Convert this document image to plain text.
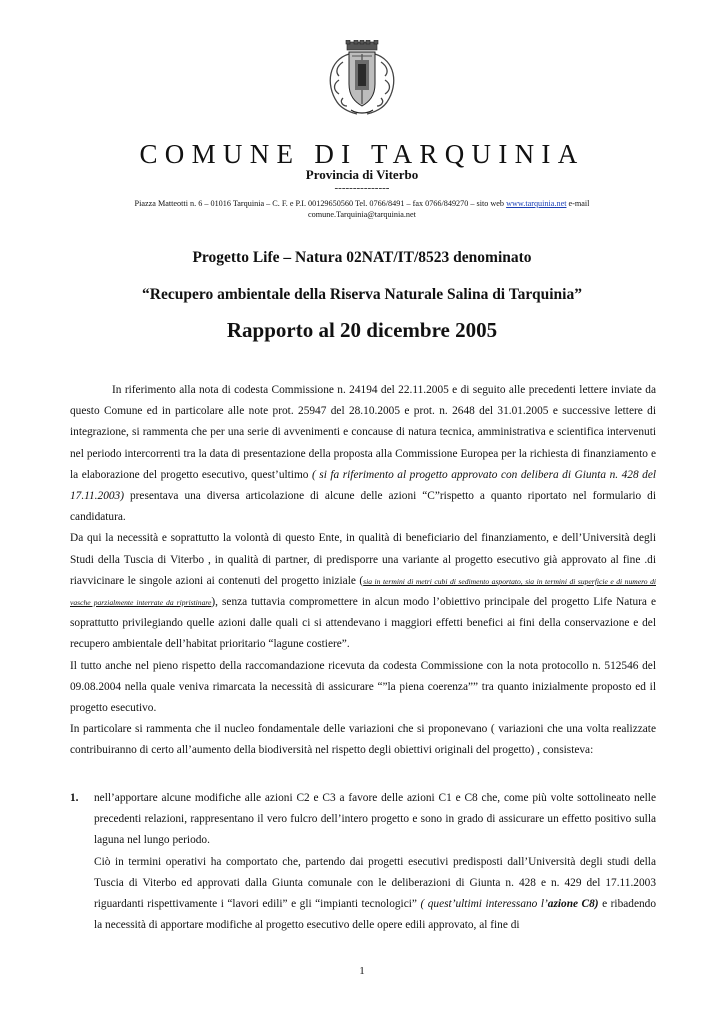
COMUNE DI TARQUINIA
Provincia di Viterbo
---------------
Piazza Matteotti n. 6 – 01016 Tarquinia – C. F. e P.I. 00129650560 Tel. 0766/8491 – fax 0766/849270 – sito web www.tarquinia.net e-mail
comune.Tarquinia@tarquinia.net
Progetto Life – Natura 02NAT/IT/8523 denominato
“Recupero ambientale della Riserva Naturale Salina di Tarquinia”
Rapporto al 20 dicembre 2005

In riferimento alla nota di codesta Commissione n. 24194 del 22.11.2005 e di seguito alle precedenti lettere inviate da questo Comune ed in particolare alle note prot. 25947 del 28.10.2005 e prot. n. 2648 del 31.01.2005 e successive lettere di integrazione, si rammenta che per una serie di avvenimenti e concause di natura tecnica, amministrativa e scientifica intervenuti nel periodo intercorrenti tra la data di presentazione della proposta alla Commissione Europea per la richiesta di finanziamento e la elaborazione del progetto esecutivo, quest’ultimo ( si fa riferimento al progetto approvato con delibera di Giunta n. 428 del 17.11.2003) presentava una diversa articolazione di alcune delle azioni “C”rispetto a quanto riportato nel formulario di candidatura.

Da qui la necessità e soprattutto la volontà di questo Ente, in qualità di beneficiario del finanziamento, e dell’Università degli Studi della Tuscia di Viterbo , in qualità di partner, di predisporre una variante al progetto esecutivo già approvato al fine .di riavvicinare le singole azioni ai contenuti del progetto iniziale (sia in termini di metri cubi di sedimento asportato, sia in termini di superficie e di numero di vasche parzialmente interrate da ripristinare), senza tuttavia compromettere in alcun modo l’obiettivo principale del progetto Life Natura e soprattutto privilegiando quelle azioni dalle quali ci si attendevano i maggiori effetti benefici ai fini della conservazione e del recupero ambientale dell’habitat prioritario “lagune costiere”.

Il tutto anche nel pieno rispetto della raccomandazione ricevuta da codesta Commissione con la nota protocollo n. 512546 del 09.08.2004 nella quale veniva rimarcata la necessità di assicurare “”la piena coerenza”” tra quanto inizialmente proposto ed il progetto esecutivo.

In particolare si rammenta che il nucleo fondamentale delle variazioni che si proponevano ( variazioni che una volta realizzate contribuiranno di certo all’aumento della biodiversità nel rispetto degli obiettivi originali del progetto) , consisteva:

1. nell’apportare alcune modifiche alle azioni C2 e C3 a favore delle azioni C1 e C8 che, come più volte sottolineato nelle precedenti relazioni, rappresentano il vero fulcro dell’intero progetto e sono in grado di assicurare un effetto positivo sulla laguna nel lungo periodo.

Ciò in termini operativi ha comportato che, partendo dai progetti esecutivi predisposti dall’Università degli studi della Tuscia di Viterbo ed approvati dalla Giunta comunale con le deliberazioni di Giunta n. 428 e n. 429 del 17.11.2003 riguardanti rispettivamente i “lavori edili” e gli “impianti tecnologici” ( quest’ultimi interessano l’azione C8) e ribadendo la necessità di apportare modifiche al progetto esecutivo delle opere edili approvato, al fine di

1
